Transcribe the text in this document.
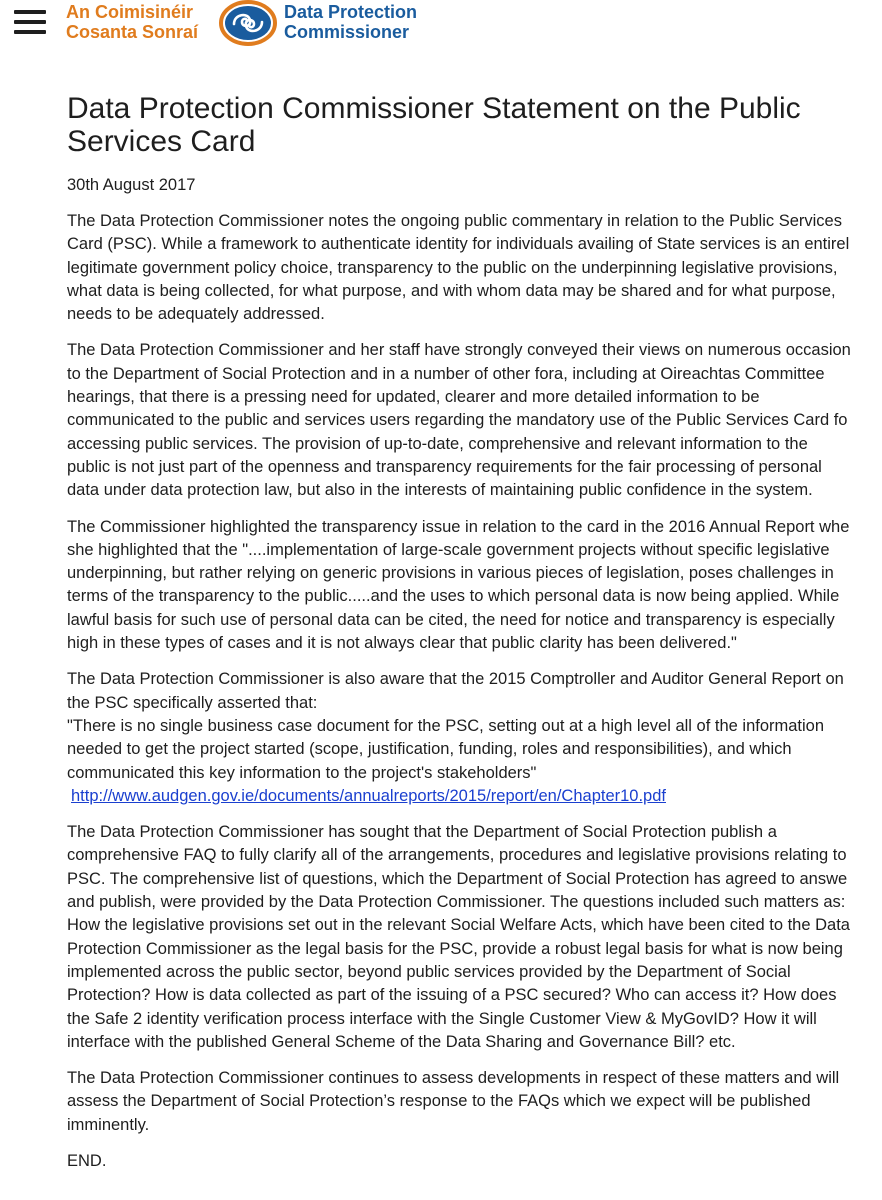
An Coimisinéir
Cosanta Sonraí
Data Protection
Commissioner
Data Protection Commissioner Statement on the Public Services Card
30th August 2017

The Data Protection Commissioner notes the ongoing public commentary in relation to the Public Services
Card (PSC). While a framework to authenticate identity for individuals availing of State services is an entirel
legitimate government policy choice, transparency to the public on the underpinning legislative provisions,
what data is being collected, for what purpose, and with whom data may be shared and for what purpose,
needs to be adequately addressed.

The Data Protection Commissioner and her staff have strongly conveyed their views on numerous occasion
to the Department of Social Protection and in a number of other fora, including at Oireachtas Committee
hearings, that there is a pressing need for updated, clearer and more detailed information to be
communicated to the public and services users regarding the mandatory use of the Public Services Card fo
accessing public services. The provision of up-to-date, comprehensive and relevant information to the
public is not just part of the openness and transparency requirements for the fair processing of personal
data under data protection law, but also in the interests of maintaining public confidence in the system.

The Commissioner highlighted the transparency issue in relation to the card in the 2016 Annual Report whe
she highlighted that the "....implementation of large-scale government projects without specific legislative
underpinning, but rather relying on generic provisions in various pieces of legislation, poses challenges in
terms of the transparency to the public.....and the uses to which personal data is now being applied. While
lawful basis for such use of personal data can be cited, the need for notice and transparency is especially
high in these types of cases and it is not always clear that public clarity has been delivered."

The Data Protection Commissioner is also aware that the 2015 Comptroller and Auditor General Report on
the PSC specifically asserted that:
"There is no single business case document for the PSC, setting out at a high level all of the information
needed to get the project started (scope, justification, funding, roles and responsibilities), and which
communicated this key information to the project's stakeholders"
http://www.audgen.gov.ie/documents/annualreports/2015/report/en/Chapter10.pdf

The Data Protection Commissioner has sought that the Department of Social Protection publish a
comprehensive FAQ to fully clarify all of the arrangements, procedures and legislative provisions relating to
PSC. The comprehensive list of questions, which the Department of Social Protection has agreed to answe
and publish, were provided by the Data Protection Commissioner. The questions included such matters as:
How the legislative provisions set out in the relevant Social Welfare Acts, which have been cited to the Data
Protection Commissioner as the legal basis for the PSC, provide a robust legal basis for what is now being
implemented across the public sector, beyond public services provided by the Department of Social
Protection? How is data collected as part of the issuing of a PSC secured? Who can access it? How does
the Safe 2 identity verification process interface with the Single Customer View & MyGovID? How it will
interface with the published General Scheme of the Data Sharing and Governance Bill? etc.

The Data Protection Commissioner continues to assess developments in respect of these matters and will
assess the Department of Social Protection’s response to the FAQs which we expect will be published
imminently.

END.
